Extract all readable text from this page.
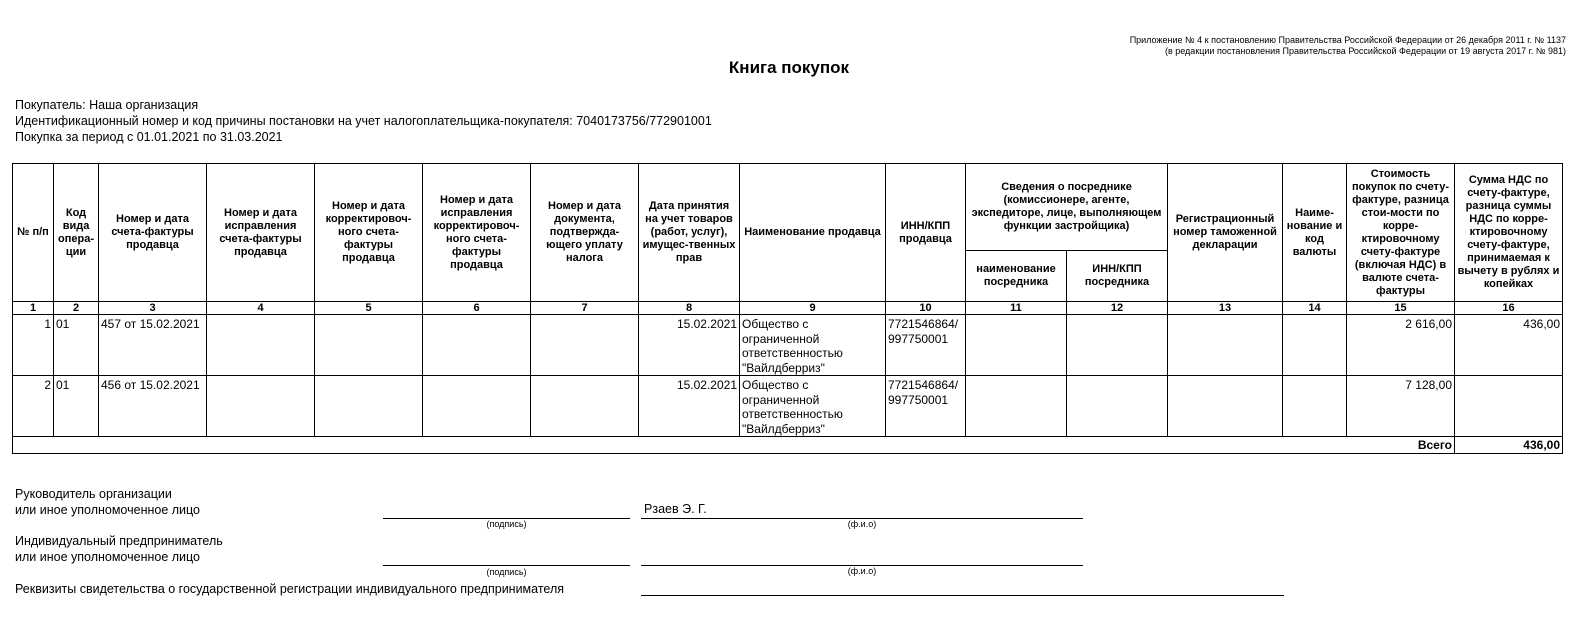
Приложение № 4 к постановлению Правительства Российской Федерации от 26 декабря 2011 г. № 1137
(в редакции постановления Правительства Российской Федерации от 19 августа 2017 г. № 981)
Книга покупок
Покупатель: Наша организация
Идентификационный номер и код причины постановки на учет налогоплательщика-покупателя: 7040173756/772901001
Покупка за период с 01.01.2021 по 31.03.2021
№ п/п	Код вида опера-ции	Номер и дата счета-фактуры продавца	Номер и дата исправления счета-фактуры продавца	Номер и дата корректировоч-ного счета-фактуры продавца	Номер и дата исправления корректировоч-ного счета-фактуры продавца	Номер и дата документа, подтвержда-ющего уплату налога	Дата принятия на учет товаров (работ, услуг), имущес-твенных прав	Наименование продавца	ИНН/КПП продавца	Сведения о посреднике (комиссионере, агенте, экспедиторе, лице, выполняющем функции застройщика)		Регистрационный номер таможенной декларации	Наиме-нование и код валюты	Стоимость покупок по счету-фактуре, разница стои-мости по корре-ктировочному счету-фактуре (включая НДС) в валюте счета-фактуры	Сумма НДС по счету-фактуре, разница суммы НДС по корре-ктировочному счету-фактуре, принимаемая к вычету в рублях и копейках
										наименование посредника	ИНН/КПП посредника				
1	2	3	4	5	6	7	8	9	10	11	12	13	14	15	16
1	01	457 от 15.02.2021					15.02.2021	Общество с ограниченной ответственностью "Вайлдберриз"	7721546864/ 997750001					2 616,00	436,00
2	01	456 от 15.02.2021					15.02.2021	Общество с ограниченной ответственностью "Вайлдберриз"	7721546864/ 997750001					7 128,00	
Всего															436,00
Руководитель организации
или иное уполномоченное лицо
(подпись)
Рзаев Э. Г.
(ф.и.о)
Индивидуальный предприниматель
или иное уполномоченное лицо
(подпись)	(ф.и.о)
Реквизиты свидетельства о государственной регистрации индивидуального предпринимателя
